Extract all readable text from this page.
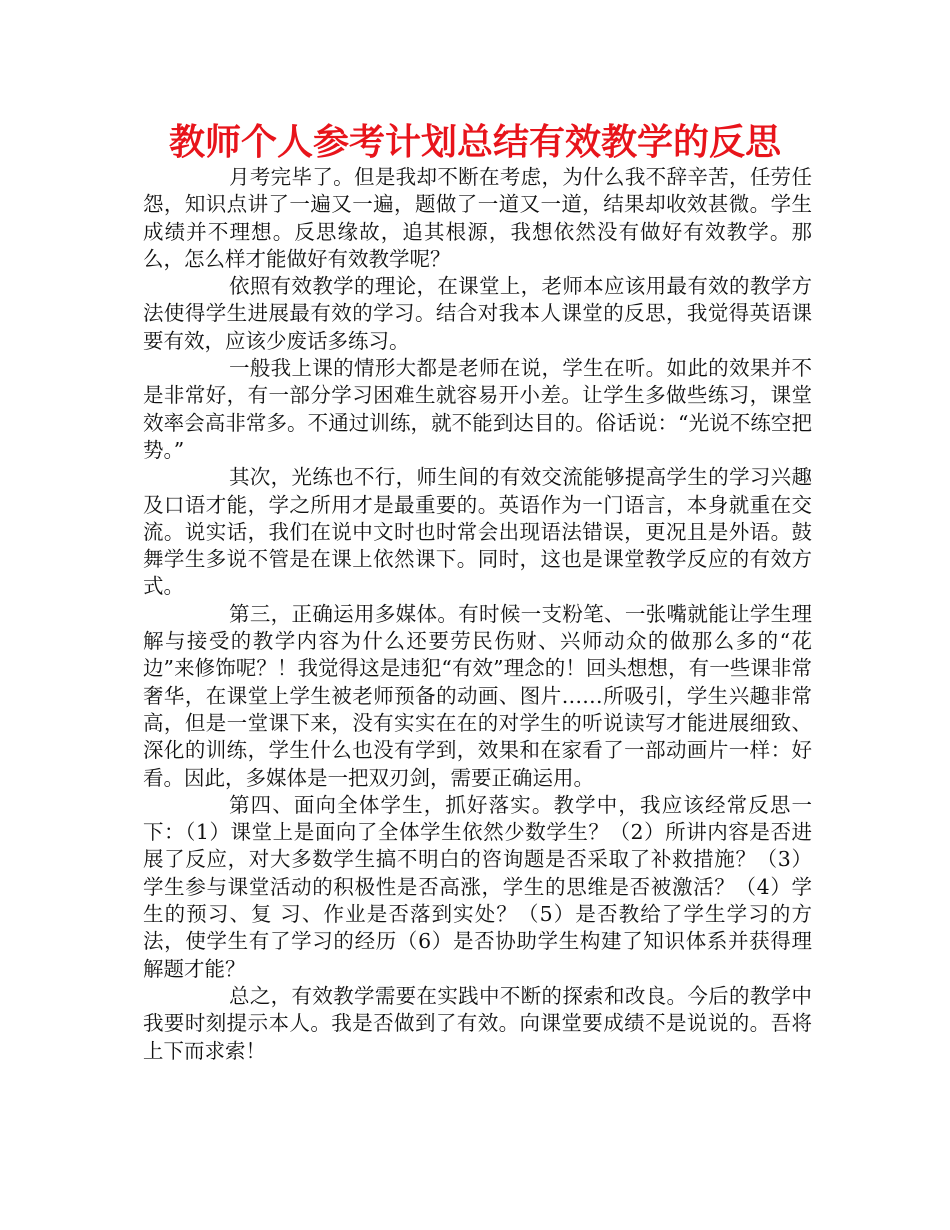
教师个人参考计划总结有效教学的反思

月考完毕了。但是我却不断在考虑，为什么我不辞辛苦，任劳任怨，知识点讲了一遍又一遍，题做了一道又一道，结果却收效甚微。学生成绩并不理想。反思缘故，追其根源，我想依然没有做好有效教学。那么，怎么样才能做好有效教学呢？

依照有效教学的理论，在课堂上，老师本应该用最有效的教学方法使得学生进展最有效的学习。结合对我本人课堂的反思，我觉得英语课要有效，应该少废话多练习。

一般我上课的情形大都是老师在说，学生在听。如此的效果并不是非常好，有一部分学习困难生就容易开小差。让学生多做些练习，课堂效率会高非常多。不通过训练，就不能到达目的。俗话说：“光说不练空把势。”

其次，光练也不行，师生间的有效交流能够提高学生的学习兴趣及口语才能，学之所用才是最重要的。英语作为一门语言，本身就重在交流。说实话，我们在说中文时也时常会出现语法错误，更况且是外语。鼓舞学生多说不管是在课上依然课下。同时，这也是课堂教学反应的有效方式。

第三，正确运用多媒体。有时候一支粉笔、一张嘴就能让学生理解与接受的教学内容为什么还要劳民伤财、兴师动众的做那么多的“花边”来修饰呢？！我觉得这是违犯“有效”理念的！回头想想，有一些课非常奢华，在课堂上学生被老师预备的动画、图片……所吸引，学生兴趣非常高，但是一堂课下来，没有实实在在的对学生的听说读写才能进展细致、深化的训练，学生什么也没有学到，效果和在家看了一部动画片一样：好看。因此，多媒体是一把双刃剑，需要正确运用。

第四、面向全体学生，抓好落实。教学中，我应该经常反思一下：（1）课堂上是面向了全体学生依然少数学生？（2）所讲内容是否进展了反应，对大多数学生搞不明白的咨询题是否采取了补救措施？（3）学生参与课堂活动的积极性是否高涨，学生的思维是否被激活？（4）学生的预习、复 习、作业是否落到实处？（5）是否教给了学生学习的方法，使学生有了学习的经历（6）是否协助学生构建了知识体系并获得理解题才能？

总之，有效教学需要在实践中不断的探索和改良。今后的教学中我要时刻提示本人。我是否做到了有效。向课堂要成绩不是说说的。吾将上下而求索！
